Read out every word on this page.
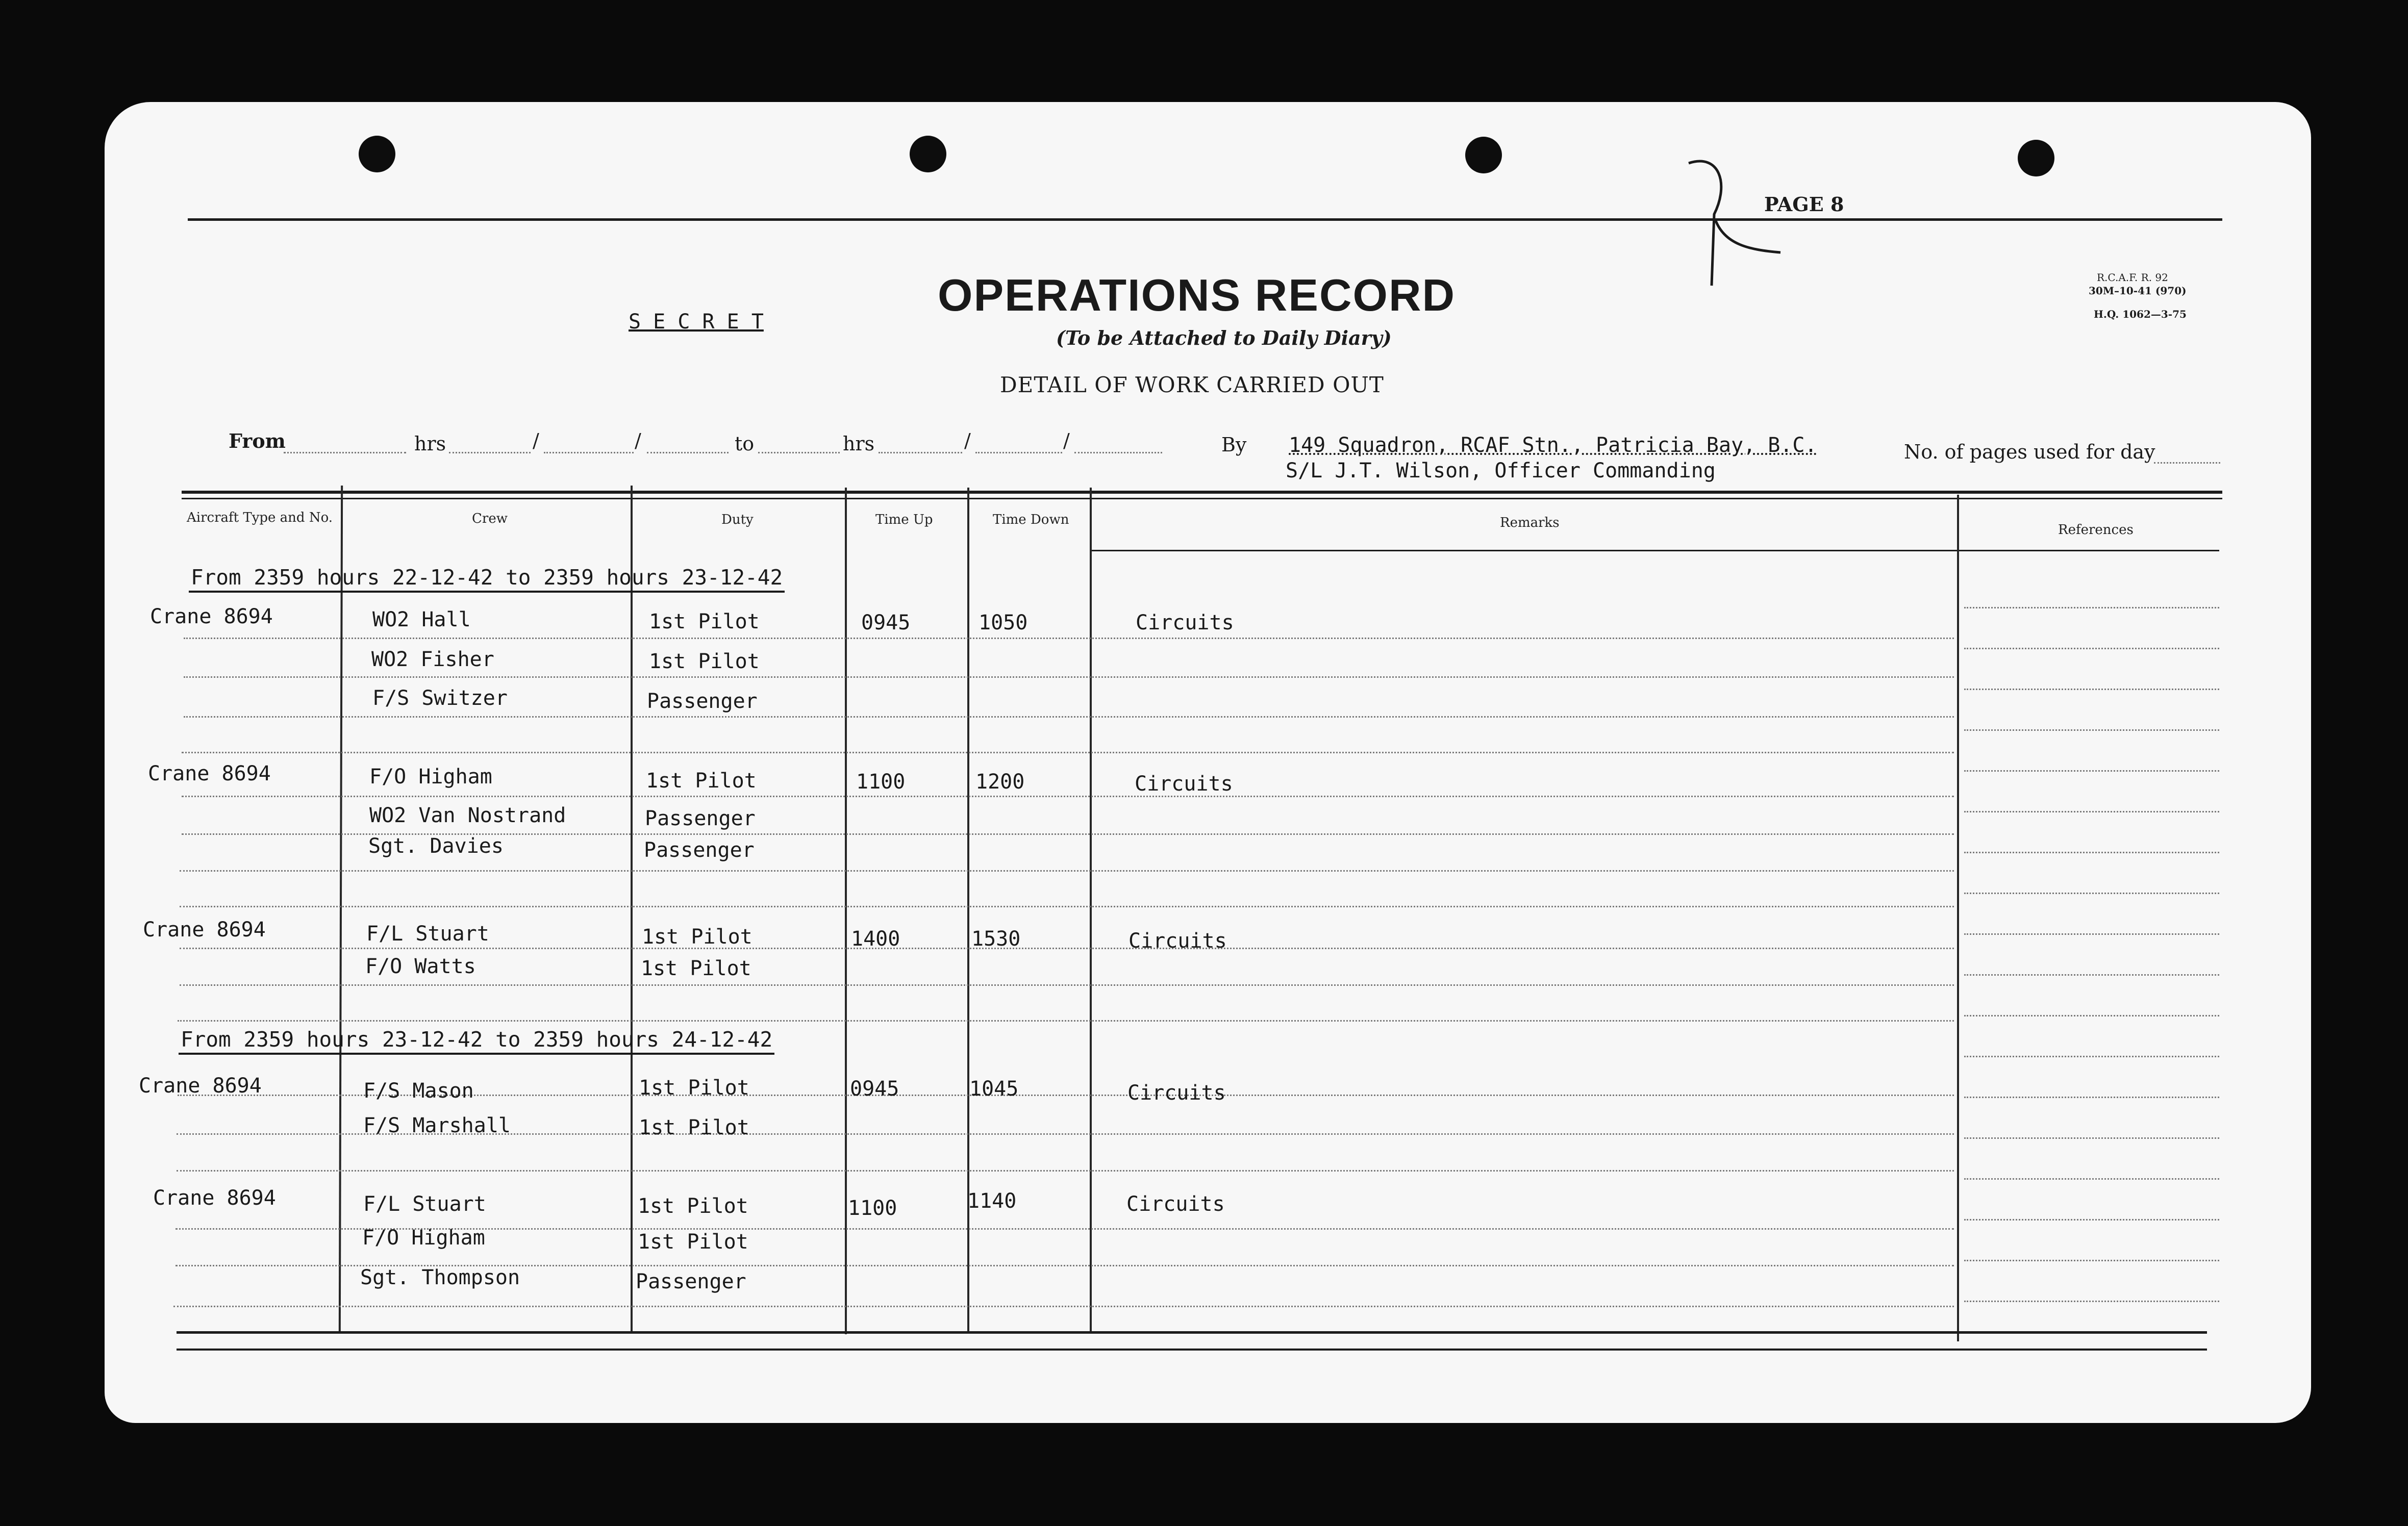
PAGE 8
S E C R E T
OPERATIONS RECORD
(To be Attached to Daily Diary)
DETAIL OF WORK CARRIED OUT
R.C.A.F. R. 92
30M–10-41 (970)
H.Q. 1062—3-75
From	hrs	/	/	to	hrs	/	/	By 149 Squadron, RCAF Stn., Patricia Bay, B.C.
S/L J.T. Wilson, Officer Commanding
No. of pages used for day
Aircraft Type and No.	Crew	Duty	Time Up	Time Down	Remarks	References
From 2359 hours 22-12-42 to 2359 hours 23-12-42
Crane 8694	WO2 Hall	1st Pilot	0945	1050	Circuits
WO2 Fisher	1st Pilot
F/S Switzer	Passenger
Crane 8694	F/O Higham	1st Pilot	1100	1200	Circuits
WO2 Van Nostrand	Passenger
Sgt. Davies	Passenger
Crane 8694	F/L Stuart	1st Pilot	1400	1530	Circuits
F/O Watts	1st Pilot
From 2359 hours 23-12-42 to 2359 hours 24-12-42
Crane 8694	F/S Mason	1st Pilot	0945	1045	Circuits
F/S Marshall	1st Pilot
Crane 8694	F/L Stuart	1st Pilot	1100	1140	Circuits
F/O Higham	1st Pilot
Sgt. Thompson	Passenger
